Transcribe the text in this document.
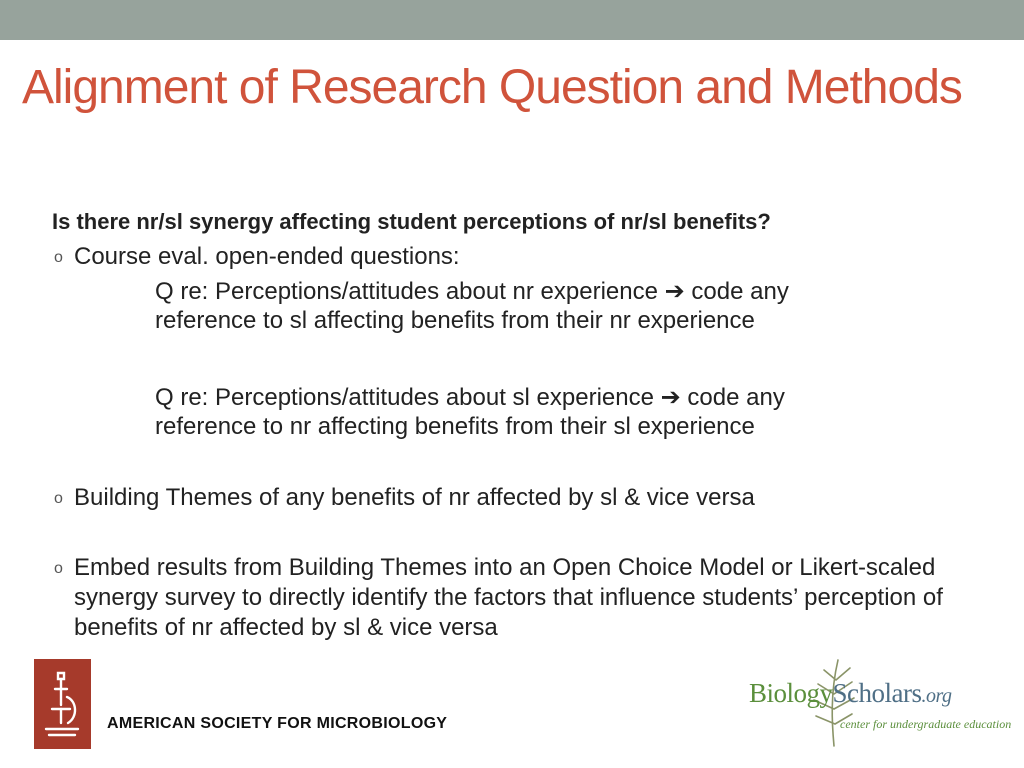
Alignment of Research Question and Methods

Is there nr/sl synergy affecting student perceptions of nr/sl benefits?

o Course eval. open-ended questions:

Q re: Perceptions/attitudes about nr experience ➔ code any reference to sl affecting benefits from their nr experience

Q re: Perceptions/attitudes about sl experience ➔ code any reference to nr affecting benefits from their sl experience

o Building Themes of any benefits of nr affected by sl & vice versa
o Embed results from Building Themes into an Open Choice Model or Likert-scaled synergy survey to directly identify the factors that influence students’ perception of benefits of nr affected by sl & vice versa
AMERICAN SOCIETY FOR MICROBIOLOGY
BiologyScholars.org
center for undergraduate education
